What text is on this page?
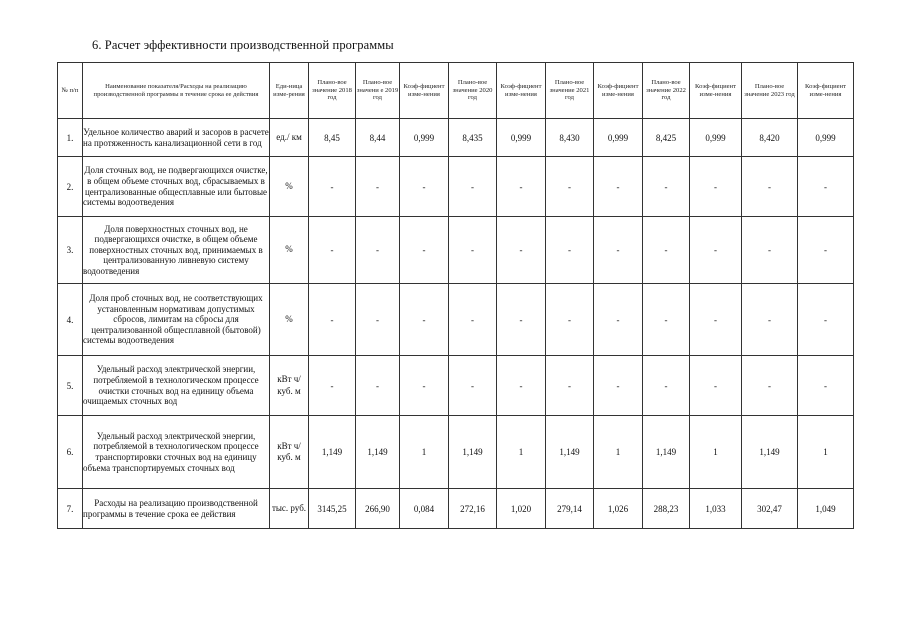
6. Расчет эффективности производственной программы
№ п/п	Наименование показателя/Расходы на реализацию производственной программы в течение срока ее действия	Еди-ница изме-рения	Плано-вое значение 2018 год	Плано-вое значени е 2019 год	Коэф-фициент изме-нения	Плано-вое значение 2020 год	Коэф-фициент изме-нения	Плано-вое значение 2021 год	Коэф-фициент изме-нения	Плано-вое значение 2022 год	Коэф-фициент изме-нения	Плано-вое значение 2023 год	Коэф-фициент изме-нения
1.	Удельное количество аварий и засоров в расчете на протяженность канализационной сети в год	ед./ км	8,45	8,44	0,999	8,435	0,999	8,430	0,999	8,425	0,999	8,420	0,999
2.	Доля сточных вод, не подвергающихся очистке, в общем объеме сточных вод, сбрасываемых в централизованные общесплавные или бытовые системы водоотведения	%	-	-	-	-	-	-	-	-	-	-	-
3.	Доля поверхностных сточных вод, не подвергающихся очистке, в общем объеме поверхностных сточных вод, принимаемых в централизованную ливневую систему водоотведения	%	-	-	-	-	-	-	-	-	-	-	-
4.	Доля проб сточных вод, не соответствующих установленным нормативам допустимых сбросов, лимитам на сбросы для централизованной общесплавной (бытовой) системы водоотведения	%	-	-	-	-	-	-	-	-	-	-	-
5.	Удельный расход электрической энергии, потребляемой в технологическом процессе очистки сточных вод на единицу объема очищаемых сточных вод	кВт ч/куб. м	-	-	-	-	-	-	-	-	-	-	-
6.	Удельный расход электрической энергии, потребляемой в технологическом процессе транспортировки сточных вод на единицу объема транспортируемых сточных вод	кВт ч/куб. м	1,149	1,149	1	1,149	1	1,149	1	1,149	1	1,149	1
7.	Расходы на реализацию производственной программы в течение срока ее действия	тыс. руб.	3145,25	266,90	0,084	272,16	1,020	279,14	1,026	288,23	1,033	302,47	1,049
